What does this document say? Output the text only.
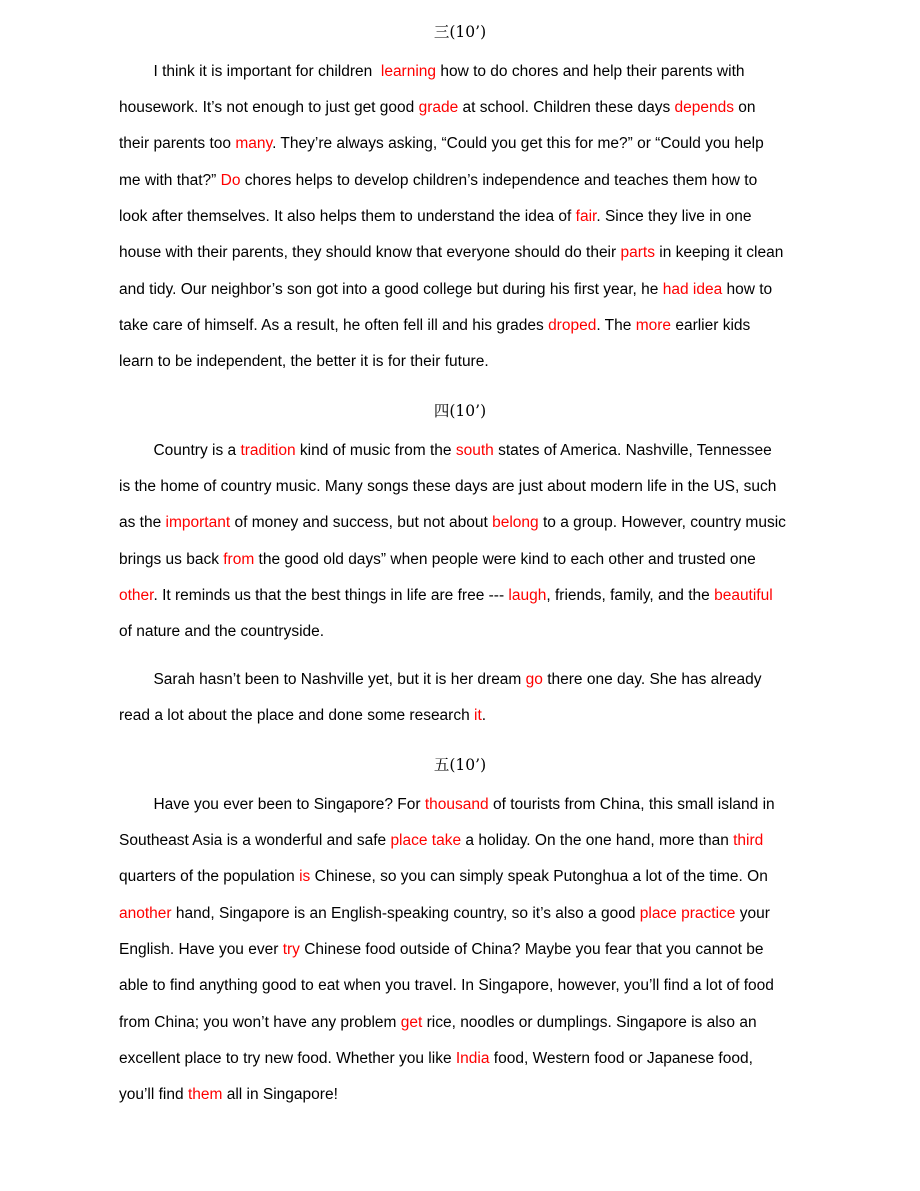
三(10’)
四(10’)
五(10’)
I think it is important for children  learning how to do chores and help their parents with
housework. It’s not enough to just get good grade at school. Children these days depends on
their parents too many. They’re always asking, “Could you get this for me?” or “Could you help
me with that?” Do chores helps to develop children’s independence and teaches them how to
look after themselves. It also helps them to understand the idea of fair. Since they live in one
house with their parents, they should know that everyone should do their parts in keeping it clean
and tidy. Our neighbor’s son got into a good college but during his first year, he had idea how to
take care of himself. As a result, he often fell ill and his grades droped. The more earlier kids
learn to be independent, the better it is for their future.
Country is a tradition kind of music from the south states of America. Nashville, Tennessee
is the home of country music. Many songs these days are just about modern life in the US, such
as the important of money and success, but not about belong to a group. However, country music
brings us back from the good old days” when people were kind to each other and trusted one
other. It reminds us that the best things in life are free --- laugh, friends, family, and the beautiful
of nature and the countryside.
Sarah hasn’t been to Nashville yet, but it is her dream go there one day. She has already
read a lot about the place and done some research it.
Have you ever been to Singapore? For thousand of tourists from China, this small island in
Southeast Asia is a wonderful and safe place take a holiday. On the one hand, more than third
quarters of the population is Chinese, so you can simply speak Putonghua a lot of the time. On
another hand, Singapore is an English-speaking country, so it’s also a good place practice your
English. Have you ever try Chinese food outside of China? Maybe you fear that you cannot be
able to find anything good to eat when you travel. In Singapore, however, you’ll find a lot of food
from China; you won’t have any problem get rice, noodles or dumplings. Singapore is also an
excellent place to try new food. Whether you like India food, Western food or Japanese food,
you’ll find them all in Singapore!
